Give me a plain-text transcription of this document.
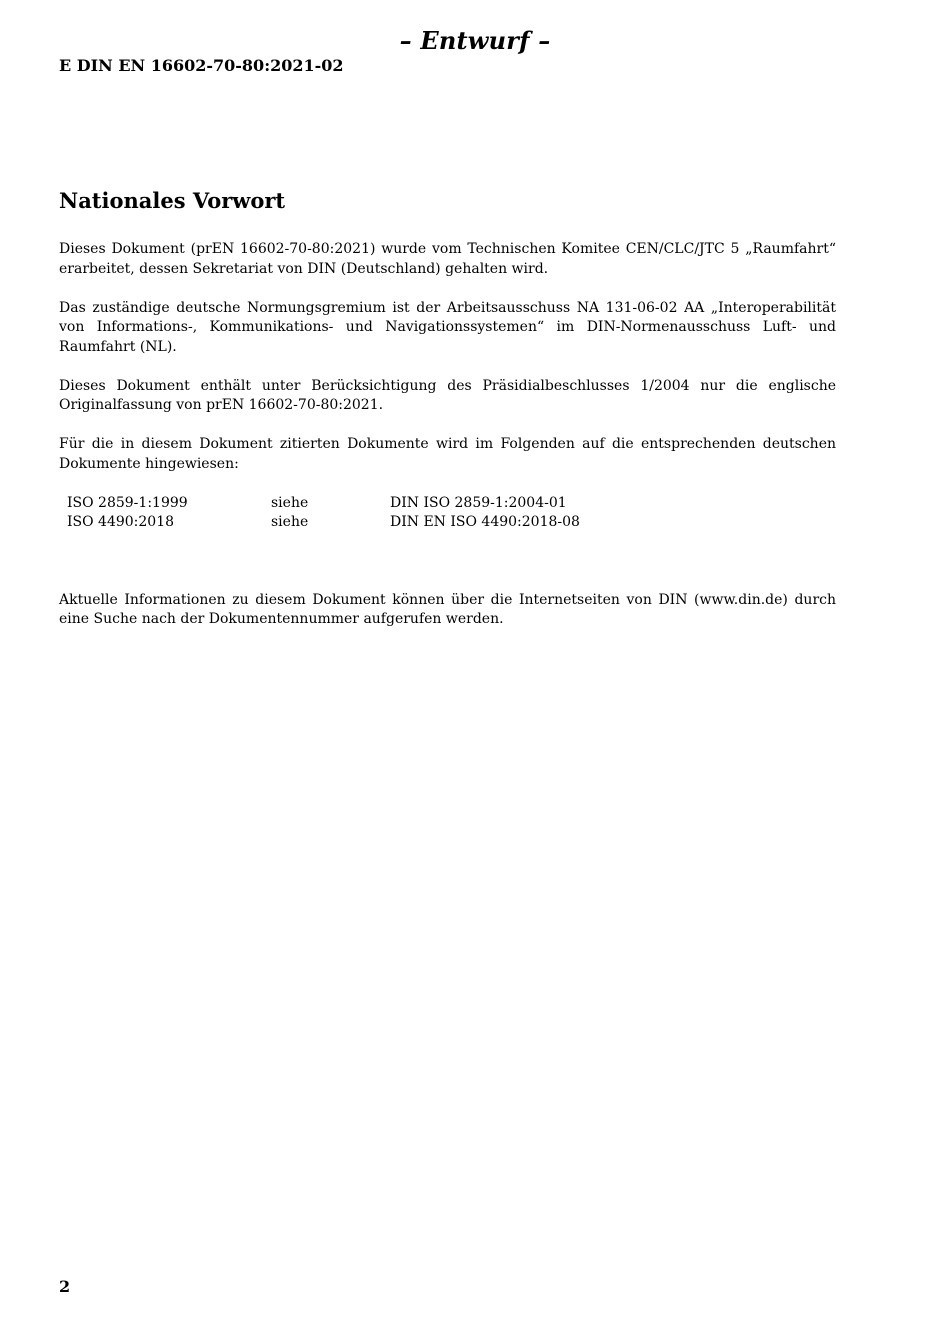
– Entwurf –
E DIN EN 16602-70-80:2021-02
Nationales Vorwort

Dieses Dokument (prEN 16602-70-80:2021) wurde vom Technischen Komitee CEN/CLC/JTC 5 „Raumfahrt“ erarbeitet, dessen Sekretariat von DIN (Deutschland) gehalten wird.

Das zuständige deutsche Normungsgremium ist der Arbeitsausschuss NA 131-06-02 AA „Interoperabilität von Informations-, Kommunikations- und Navigationssystemen“ im DIN-Normenausschuss Luft- und Raumfahrt (NL).

Dieses Dokument enthält unter Berücksichtigung des Präsidialbeschlusses 1/2004 nur die englische Originalfassung von prEN 16602-70-80:2021.

Für die in diesem Dokument zitierten Dokumente wird im Folgenden auf die entsprechenden deutschen Dokumente hingewiesen:

ISO 2859-1:1999	siehe	DIN ISO 2859-1:2004-01
ISO 4490:2018	siehe	DIN EN ISO 4490:2018-08

Aktuelle Informationen zu diesem Dokument können über die Internetseiten von DIN (www.din.de) durch eine Suche nach der Dokumentennummer aufgerufen werden.

2
